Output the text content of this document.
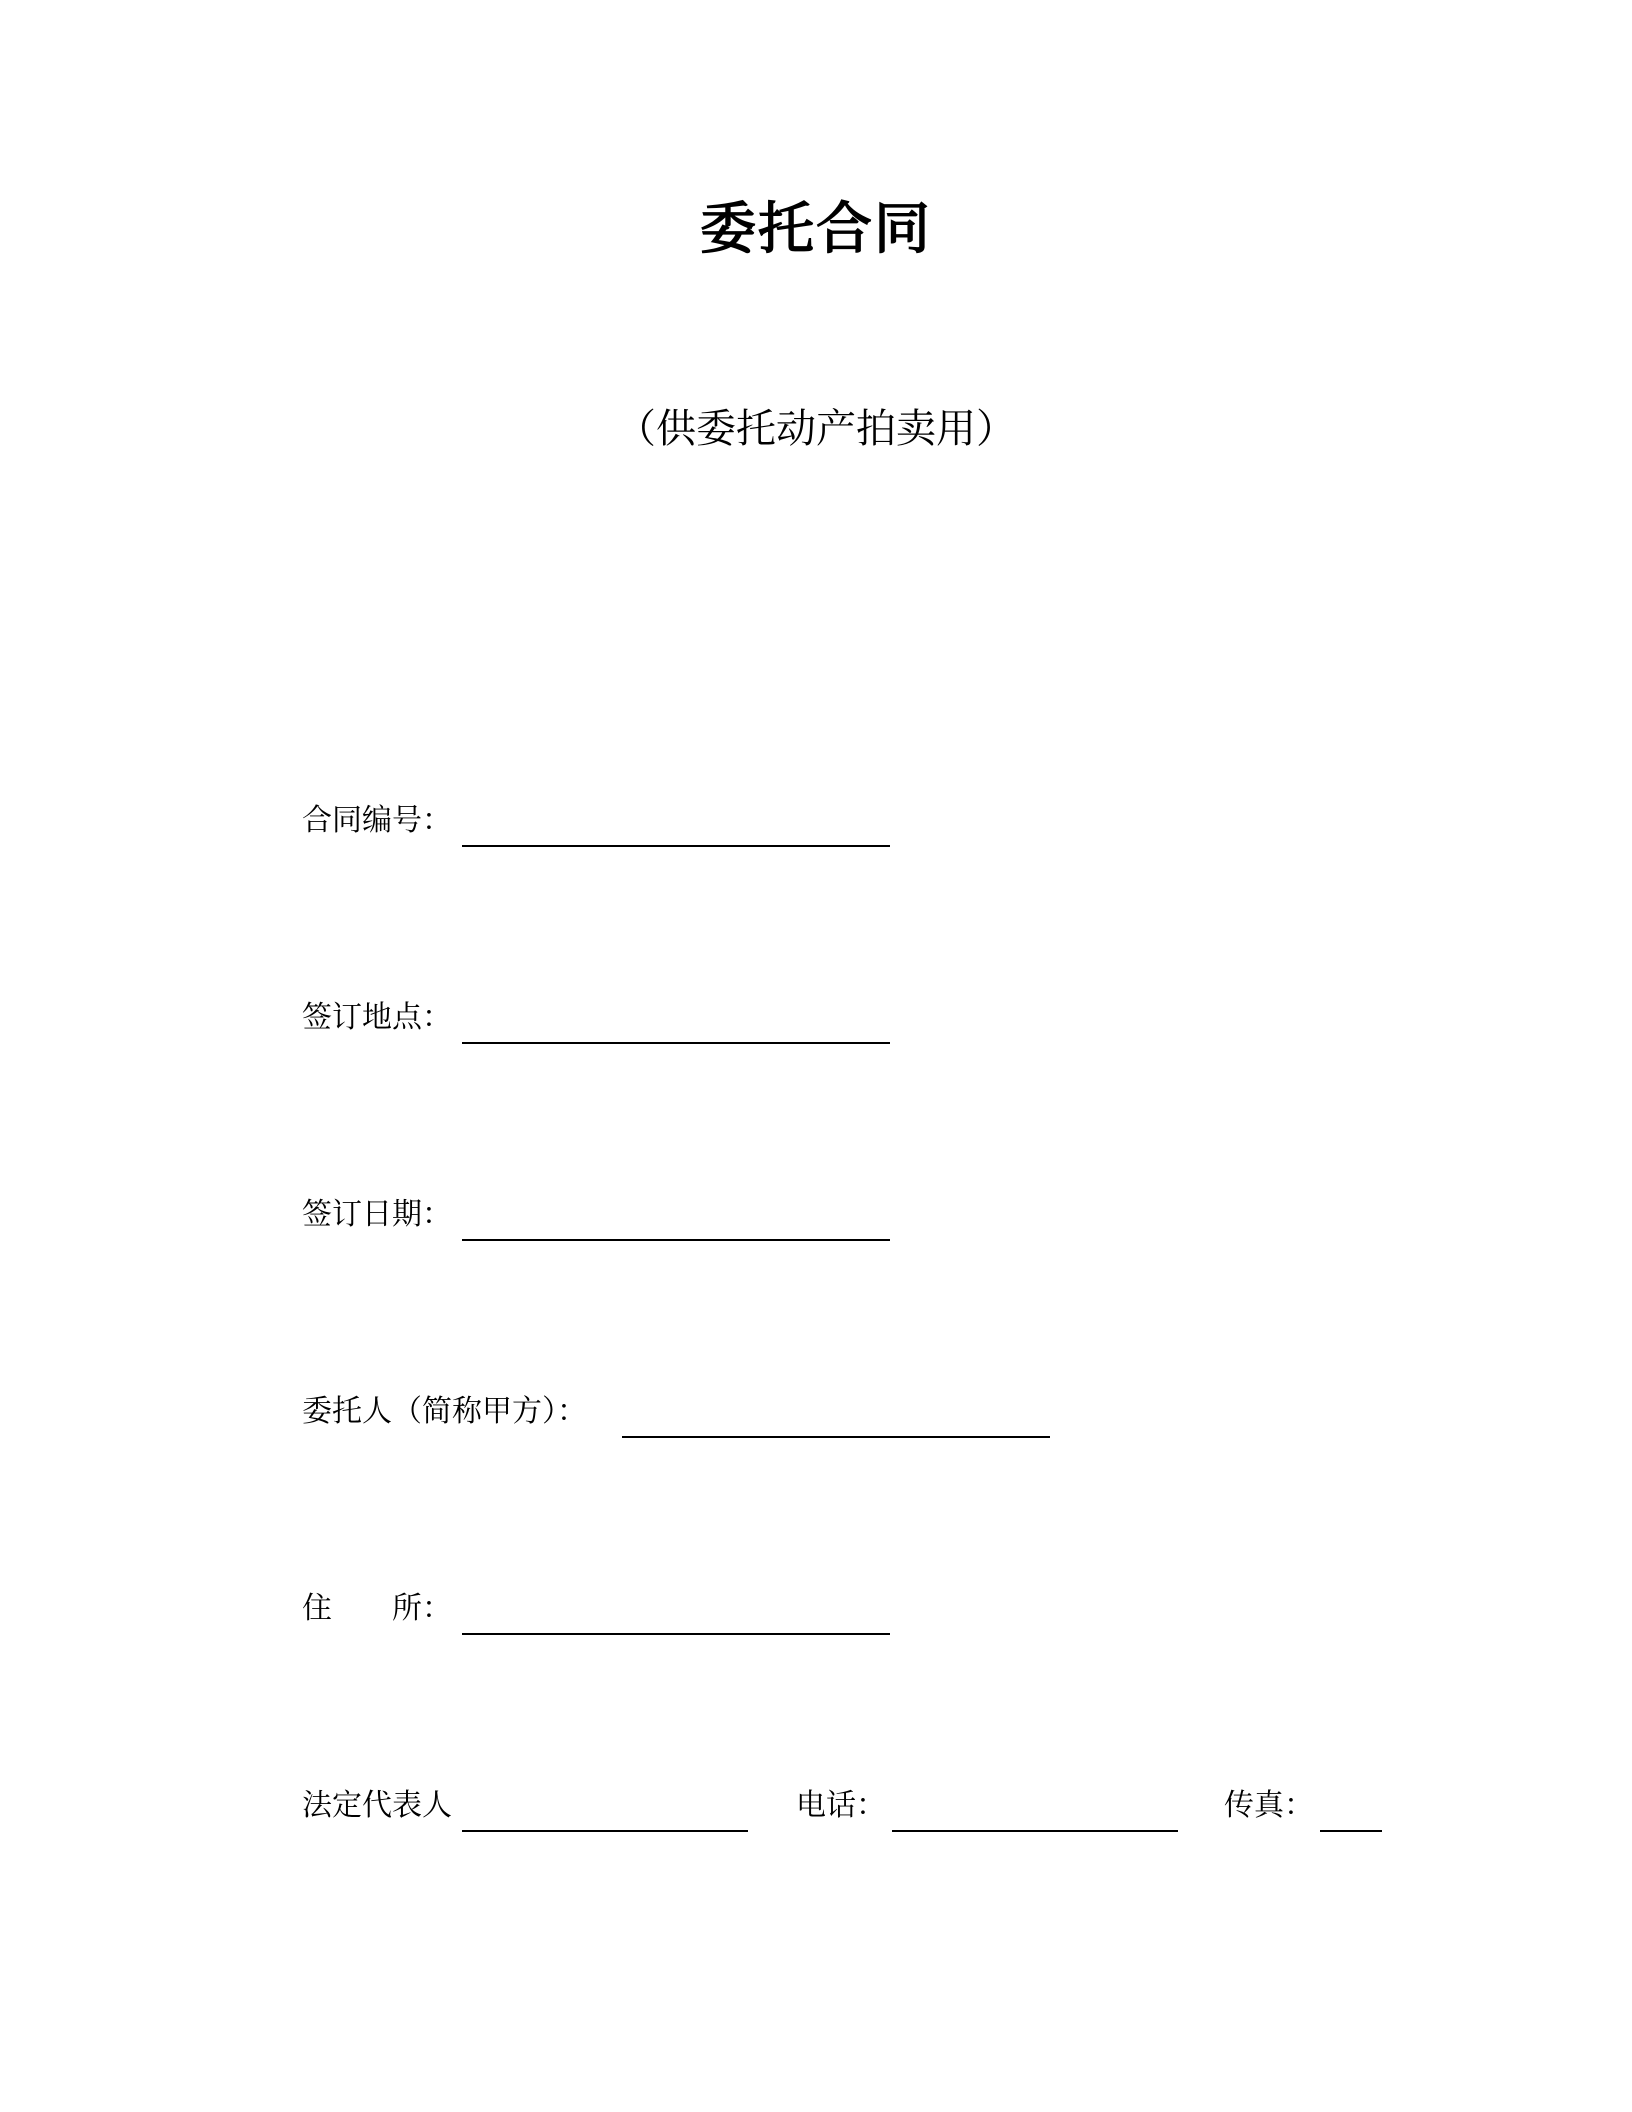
委托合同
（供委托动产拍卖用）
合同编号：
签订地点：
签订日期：
委托人（简称甲方）：
住　　所：
法定代表人	电话：	传真：
